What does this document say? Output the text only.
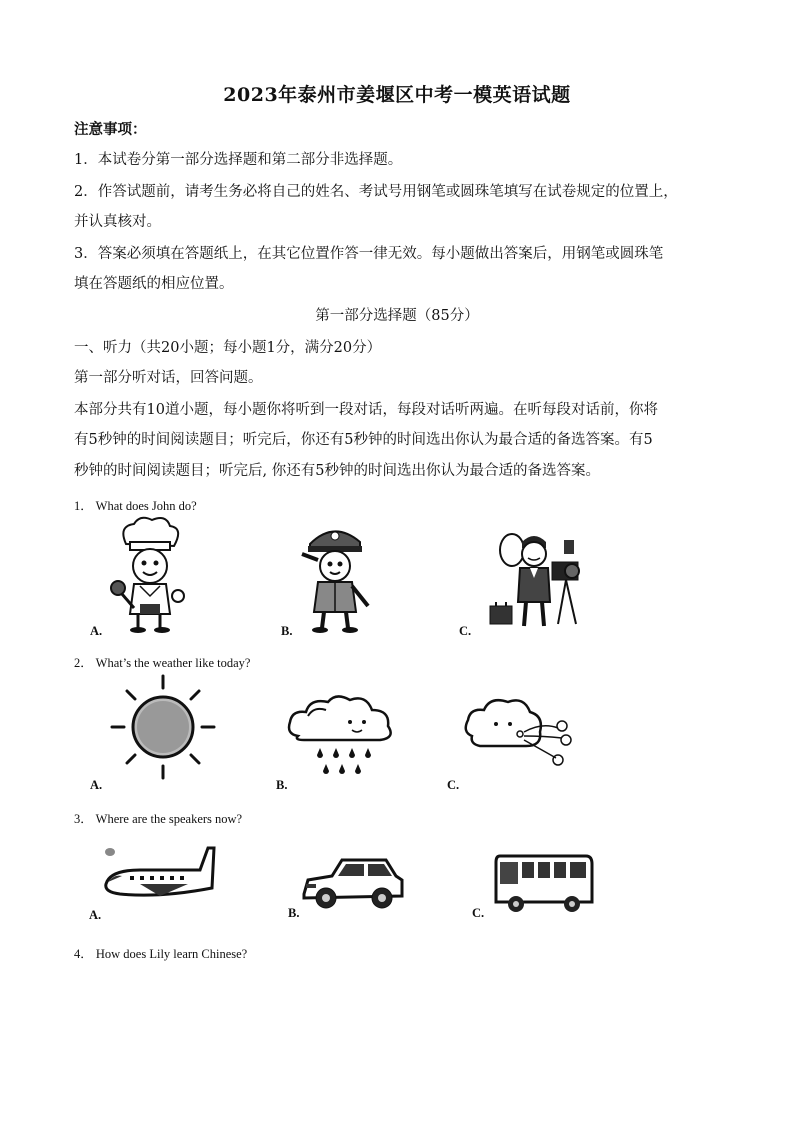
2023年泰州市姜堰区中考一模英语试题
注意事项：
1．本试卷分第一部分选择题和第二部分非选择题。
2．作答试题前，请考生务必将自己的姓名、考试号用钢笔或圆珠笔填写在试卷规定的位置上，
并认真核对。
3．答案必须填在答题纸上，在其它位置作答一律无效。每小题做出答案后，用钢笔或圆珠笔
填在答题纸的相应位置。
第一部分选择题（85分）
一、听力（共20小题；每小题1分，满分20分）
第一部分听对话，回答问题。
本部分共有10道小题，每小题你将听到一段对话，每段对话听两遍。在听每段对话前，你将
有5秒钟的时间阅读题目；听完后，你还有5秒钟的时间选出你认为最合适的备选答案。有5
秒钟的时间阅读题目；听完后, 你还有5秒钟的时间选出你认为最合适的备选答案。
1． What does John do?
A.	B.	C.
2． What’s the weather like today?
A.	B.	C.
3． Where are the speakers now?
A.	B.	C.
4． How does Lily learn Chinese?
